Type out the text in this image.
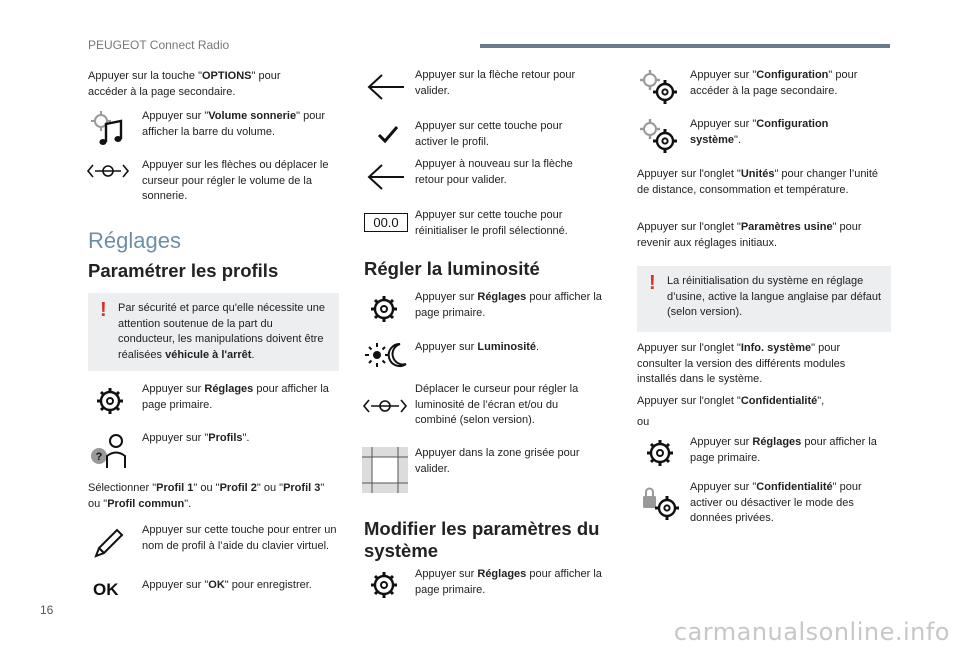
PEUGEOT Connect Radio
Appuyer sur la touche "OPTIONS" pour accéder à la page secondaire.
Appuyer sur "Volume sonnerie" pour afficher la barre du volume.
Appuyer sur les flèches ou déplacer le curseur pour régler le volume de la sonnerie.
Réglages
Paramétrer les profils
! Par sécurité et parce qu'elle nécessite une attention soutenue de la part du conducteur, les manipulations doivent être réalisées véhicule à l'arrêt.
Appuyer sur Réglages pour afficher la page primaire.
?
Appuyer sur "Profils".
Sélectionner "Profil 1" ou "Profil 2" ou "Profil 3" ou "Profil commun".
Appuyer sur cette touche pour entrer un nom de profil à l’aide du clavier virtuel.
OK Appuyer sur "OK" pour enregistrer.
Appuyer sur la flèche retour pour valider.
Appuyer sur cette touche pour activer le profil.
Appuyer à nouveau sur la flèche retour pour valider.
00.0	Appuyer sur cette touche pour réinitialiser le profil sélectionné.
Régler la luminosité
Appuyer sur Réglages pour afficher la page primaire.
Appuyer sur Luminosité.
Déplacer le curseur pour régler la luminosité de l’écran et/ou du combiné (selon version).
Appuyer dans la zone grisée pour valider.
Modifier les paramètres du système
Appuyer sur Réglages pour afficher la page primaire.
Appuyer sur "Configuration" pour accéder à la page secondaire.
Appuyer sur "Configuration système".
Appuyer sur l'onglet "Unités" pour changer l’unité de distance, consommation et température.
Appuyer sur l'onglet "Paramètres usine" pour revenir aux réglages initiaux.
! La réinitialisation du système en réglage d’usine, active la langue anglaise par défaut (selon version).
Appuyer sur l'onglet "Info. système" pour consulter la version des différents modules installés dans le système.
Appuyer sur l'onglet "Confidentialité",
ou
Appuyer sur Réglages pour afficher la page primaire.
Appuyer sur "Confidentialité" pour activer ou désactiver le mode des données privées.
16
carmanualsonline.info
